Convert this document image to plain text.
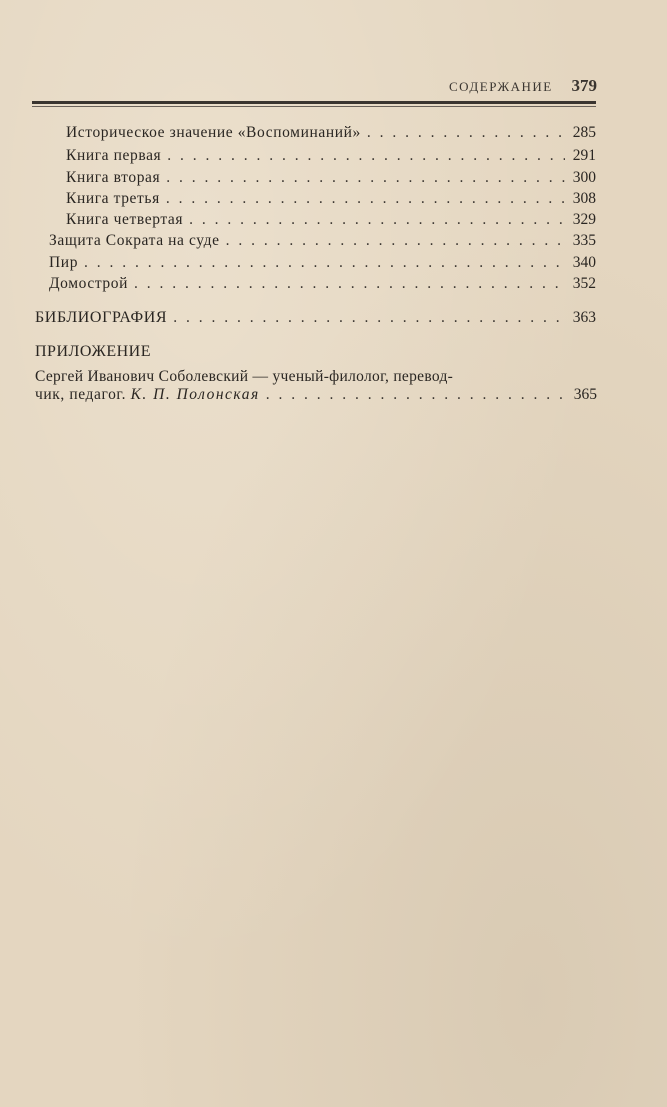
СОДЕРЖАНИЕ 379
Историческое значение «Воспоминаний» . . .	285
Книга первая . . .	291
Книга вторая . . .	300
Книга третья . . .	308
Книга четвертая . . .	329
Защита Сократа на суде . . .	335
Пир . . .	340
Домострой . . .	352
БИБЛИОГРАФИЯ . . .	363
ПРИЛОЖЕНИЕ
Сергей Иванович Соболевский — ученый-филолог, перевод-
чик, педагог. К. П. Полонская . . .	365
